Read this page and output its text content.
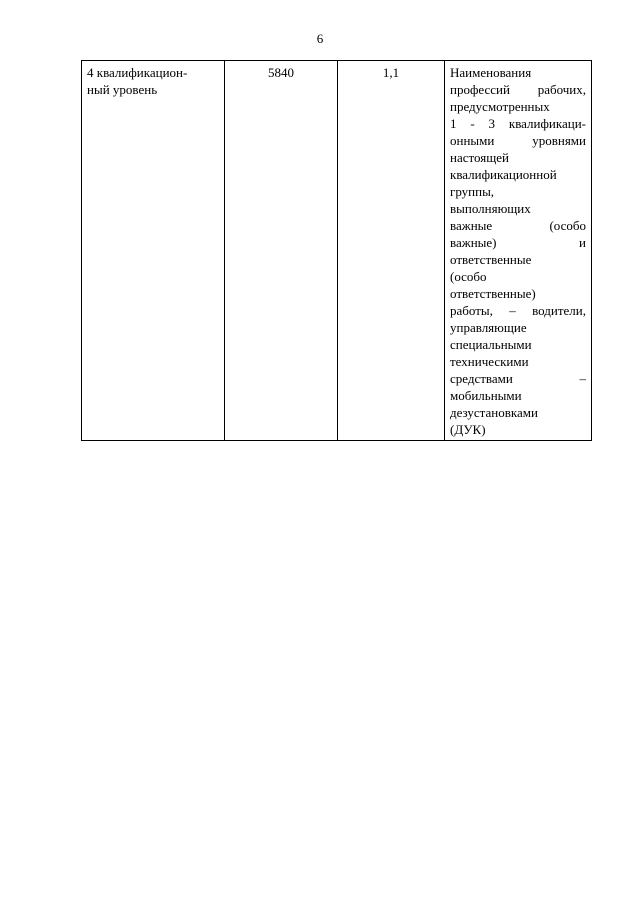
6
4 квалификацион-
ный уровень
	5840	1,1	Наименования
профессий рабочих,
предусмотренных
1 - 3 квалификаци-
онными	уровнями
настоящей
квалификационной
группы,
выполняющих
важные	(особо
важные)	и
ответственные
(особо
ответственные)
работы, – водители,
управляющие
специальными
техническими
средствами	–
мобильными
дезустановками
(ДУК)
